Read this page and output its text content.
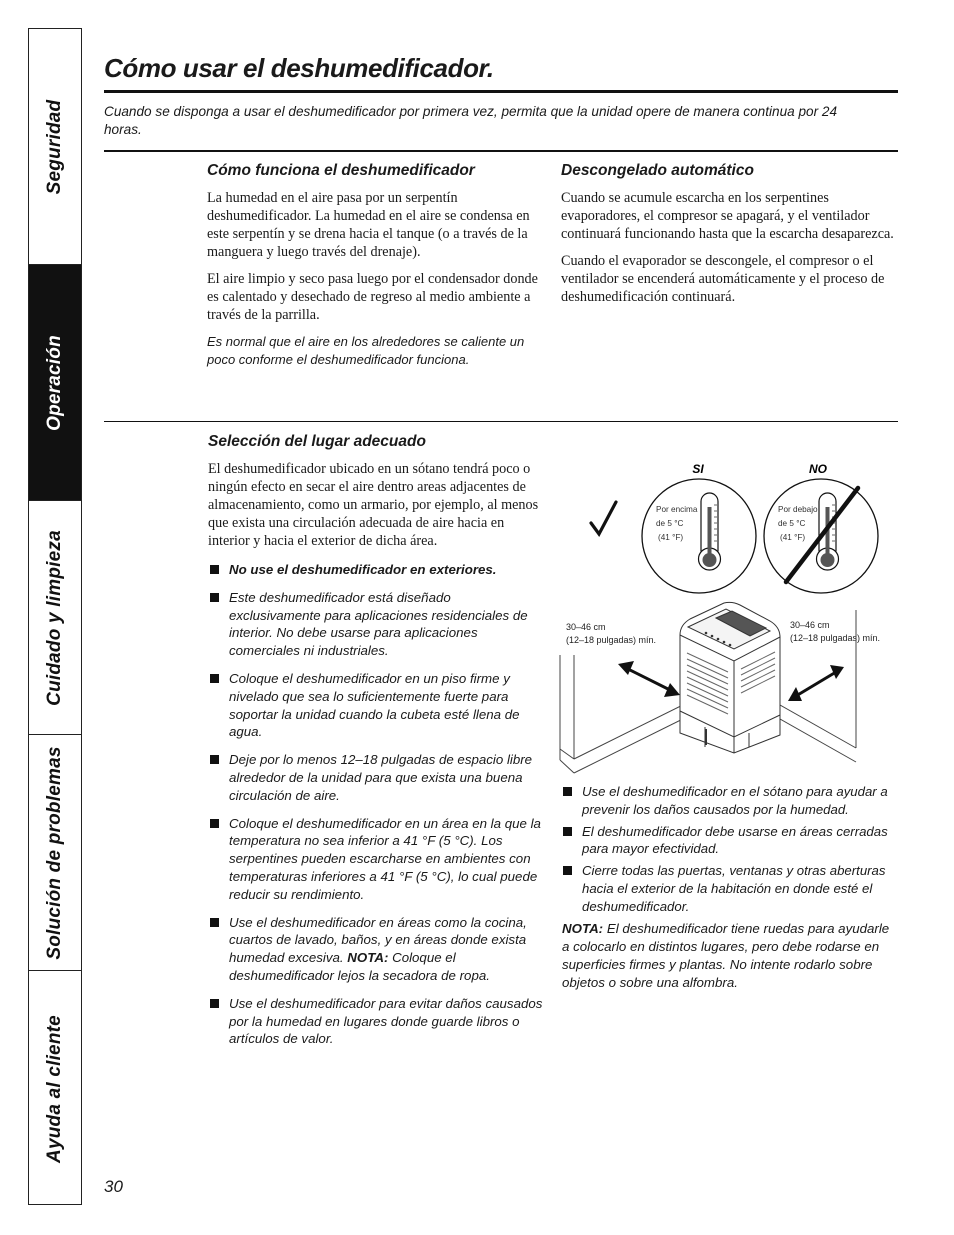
Seguridad
Operación
Cuidado y limpieza
Solución de problemas
Ayuda al cliente
Cómo usar el deshumedificador.

Cuando se disponga a usar el deshumedificador por primera vez, permita que la unidad opere de manera continua por 24 horas.

Cómo funciona el deshumedificador

La humedad en el aire pasa por un serpentín deshumedificador. La humedad en el aire se condensa en este serpentín y se drena hacia el tanque (o a través de la manguera y luego través del drenaje).

El aire limpio y seco pasa luego por el condensador donde es calentado y desechado de regreso al medio ambiente a través de la parrilla.

Es normal que el aire en los alrededores se caliente un poco conforme el deshumedificador funciona.

Descongelado automático

Cuando se acumule escarcha en los serpentines evaporadores, el compresor se apagará, y el ventilador continuará funcionando hasta que la escarcha desaparezca.

Cuando el evaporador se descongele, el compresor o el ventilador se encenderá automáticamente y el proceso de deshumedificación continuará.

Selección del lugar adecuado

El deshumedificador ubicado en un sótano tendrá poco o ningún efecto en secar el aire dentro areas adjacentes de almacenamiento, como un armario, por ejemplo, al menos que exista una circulación adecuada de aire hacia en interior y hacia el exterior de dicha área.

No use el deshumedificador en exteriores.
Este deshumedificador está diseñado exclusivamente para aplicaciones residenciales de interior. No debe usarse para aplicaciones comerciales ni industriales.
Coloque el deshumedificador en un piso firme y nivelado que sea lo suficientemente fuerte para soportar la unidad cuando la cubeta esté llena de agua.
Deje por lo menos 12–18 pulgadas de espacio libre alrededor de la unidad para que exista una buena circulación de aire.
Coloque el deshumedificador en un área en la que la temperatura no sea inferior a 41 °F (5 °C). Los serpentines pueden escarcharse en ambientes con temperaturas inferiores a 41 °F (5 °C), lo cual puede reducir su rendimiento.
Use el deshumedificador en áreas como la cocina, cuartos de lavado, baños, y en áreas donde exista humedad excesiva. NOTA: Coloque el deshumedificador lejos la secadora de ropa.
Use el deshumedificador para evitar daños causados por la humedad en lugares donde guarde libros o artículos de valor.
SI	NO
Por encima de 5 °C (41 °F)
Por debajo de 5 °C (41 °F)
30–46 cm (12–18 pulgadas) mín. 30–46 cm (12–18 pulgadas) mín.
Use el deshumedificador en el sótano para ayudar a prevenir los daños causados por la humedad.
El deshumedificador debe usarse en áreas cerradas para mayor efectividad.
Cierre todas las puertas, ventanas y otras aberturas hacia el exterior de la habitación en donde esté el deshumedificador.

NOTA: El deshumedificador tiene ruedas para ayudarle a colocarlo en distintos lugares, pero debe rodarse en superficies firmes y plantas. No intente rodarlo sobre objetos o sobre una alfombra.

30
